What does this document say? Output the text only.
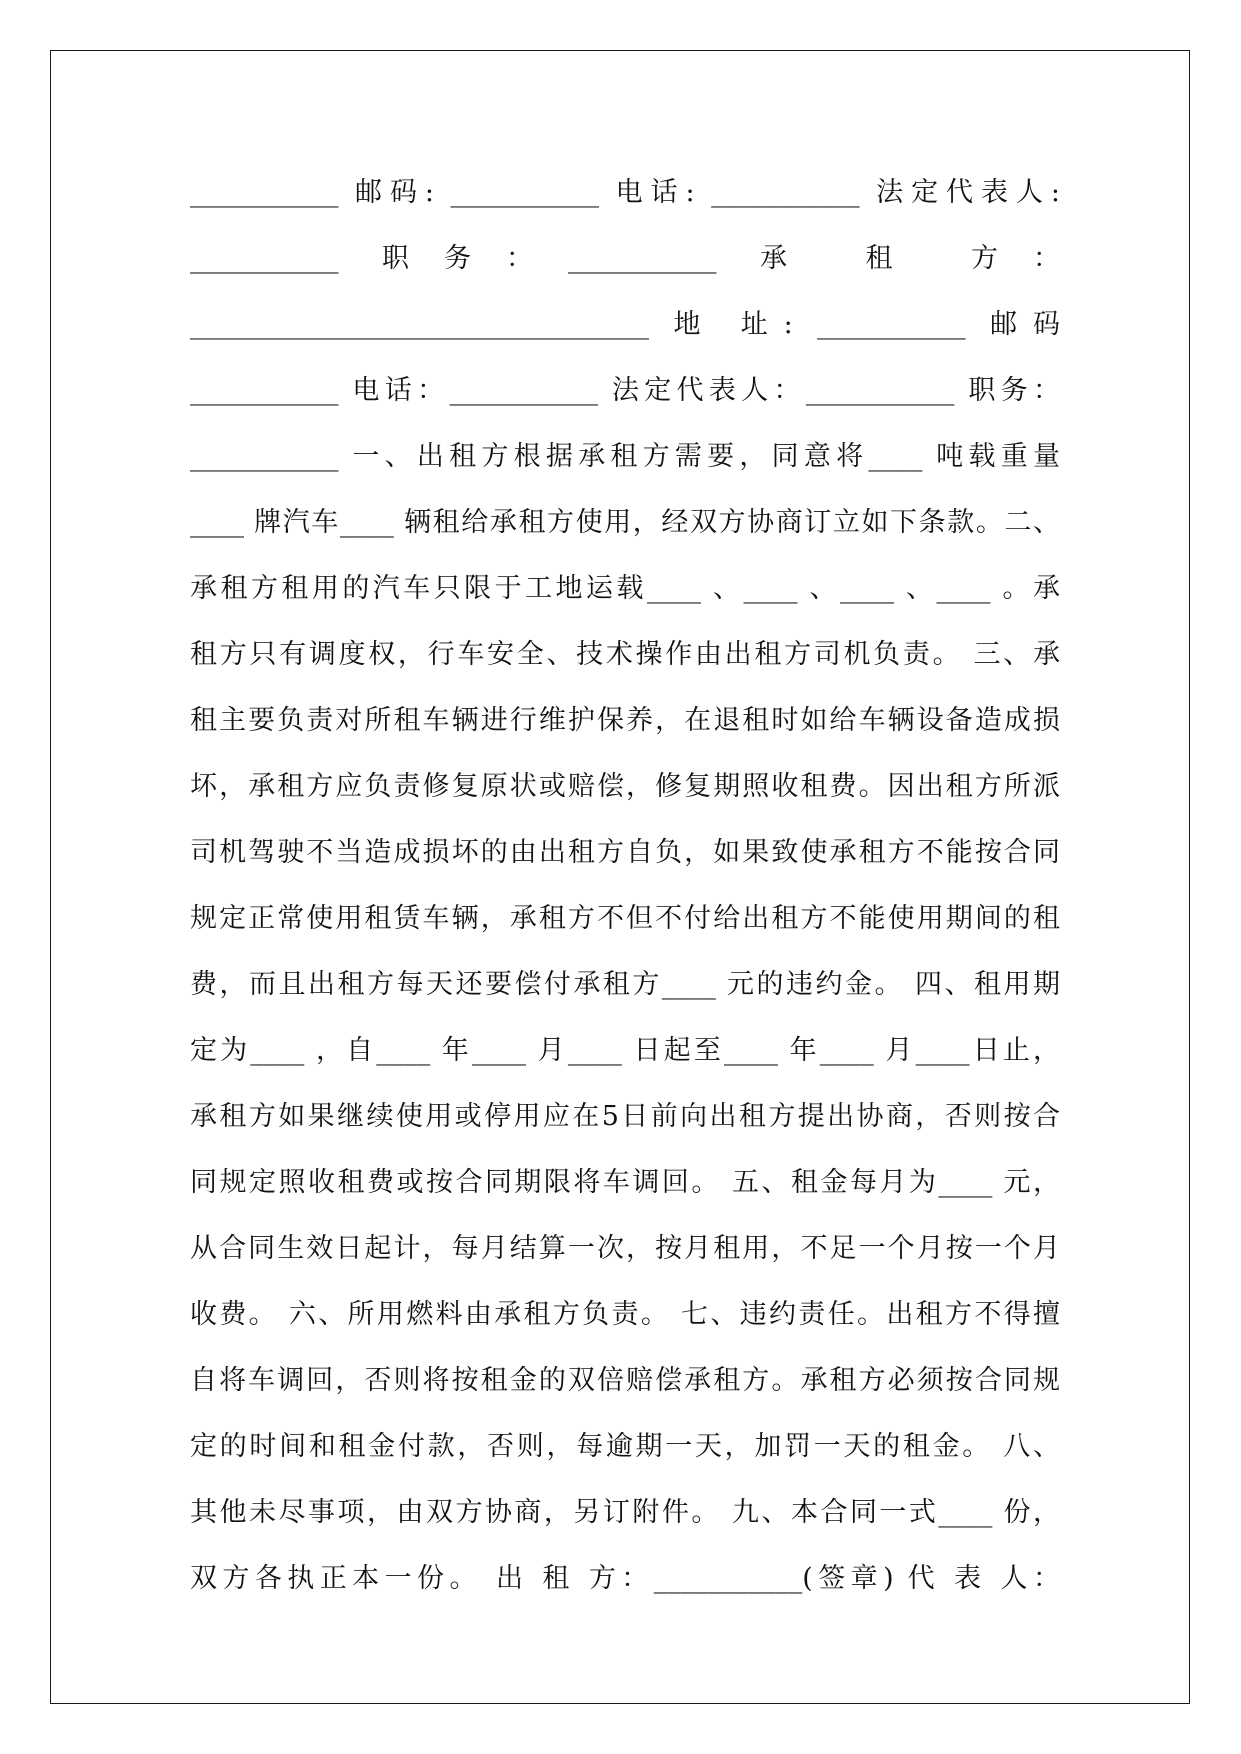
___________ 邮码: ___________ 电话: ___________ 法定代表人:
___________ 职务：___________ 承 租 方：
__________________________________ 地 址: ___________ 邮码
___________ 电话：___________ 法定代表人：___________ 职务：
___________ 一、出租方根据承租方需要，同意将____ 吨载重量
____ 牌汽车____ 辆租给承租方使用，经双方协商订立如下条款。二、
承租方租用的汽车只限于工地运载____ 、____ 、____ 、____ 。承
租方只有调度权，行车安全、技术操作由出租方司机负责。 三、承
租主要负责对所租车辆进行维护保养，在退租时如给车辆设备造成损
坏，承租方应负责修复原状或赔偿，修复期照收租费。因出租方所派
司机驾驶不当造成损坏的由出租方自负，如果致使承租方不能按合同
规定正常使用租赁车辆，承租方不但不付给出租方不能使用期间的租
费，而且出租方每天还要偿付承租方____ 元的违约金。 四、租用期
定为____ ，自____ 年____ 月____ 日起至____ 年____ 月____日止，
承租方如果继续使用或停用应在5日前向出租方提出协商，否则按合
同规定照收租费或按合同期限将车调回。 五、租金每月为____ 元，
从合同生效日起计，每月结算一次，按月租用，不足一个月按一个月
收费。 六、所用燃料由承租方负责。 七、违约责任。出租方不得擅
自将车调回，否则将按租金的双倍赔偿承租方。承租方必须按合同规
定的时间和租金付款，否则，每逾期一天，加罚一天的租金。 八、
其他未尽事项，由双方协商，另订附件。 九、本合同一式____ 份，
双方各执正本一份。 出 租 方：___________(签章) 代 表 人：
